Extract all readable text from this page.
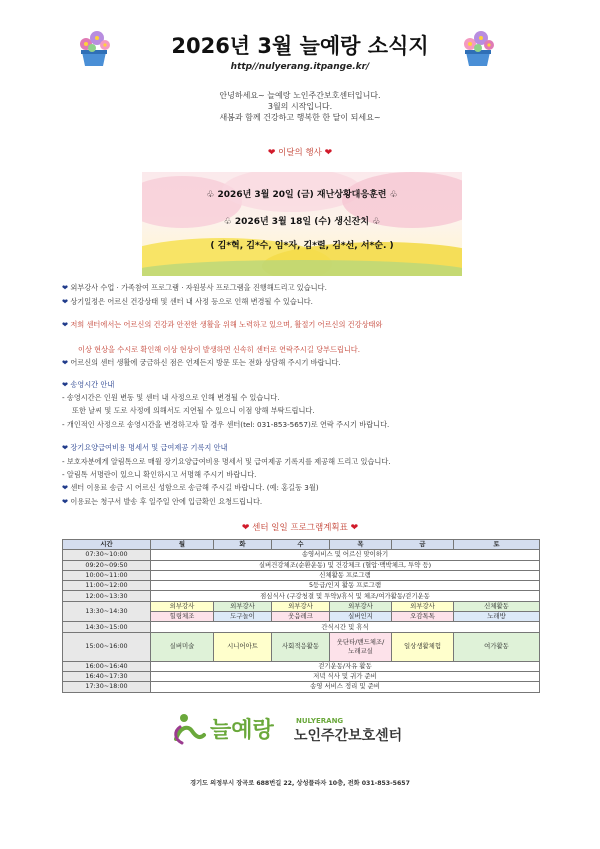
2026년 3월 늘예랑 소식지
http//nulyerang.itpange.kr/
안녕하세요~ 늘예랑 노인주간보호센터입니다.
3월의 시작입니다.
새봄과 함께 건강하고 행복한 한 달이 되세요~
❤ 이달의 행사 ❤
♧ 2026년 3월 20일 (금) 재난상황대응훈련 ♧
♧ 2026년 3월 18일 (수) 생신잔치 ♧
( 김*혁, 김*수, 임*자, 김*렬, 김*선, 서*순. )
❤ 외부강사 수업 · 가족참여 프로그램 · 자원봉사 프로그램을 진행해드리고 있습니다.
❤ 상기일정은 어르신 건강상태 및 센터 내 사정 등으로 인해 변경될 수 있습니다.
❤ 저희 센터에서는 어르신의 건강과 안전한 생활을 위해 노력하고 있으며, 활절기 어르신의 건강상태와
이상 현상을 수시로 확인해 이상 현상이 발생하면 신속히 센터로 연락주시길 당부드립니다.
❤ 어르신의 센터 생활에 궁금하신 점은 언제든지 방문 또는 전화 상담해 주시기 바랍니다.
❤ 송영시간 안내
- 송영시간은 인원 변동 및 센터 내 사정으로 인해 변경될 수 있습니다.
또한 날씨 및 도로 사정에 의해서도 지연될 수 있으니 이점 양해 부탁드립니다.
- 개인적인 사정으로 송영시간을 변경하고자 할 경우 센터(tel: 031-853-5657)로 연락 주시기 바랍니다.
❤ 장기요양급여비용 명세서 및 급여제공 기록지 안내
- 보호자분에게 알림톡으로 매월 장기요양급여비용 명세서 및 급여제공 기록지를 제공해 드리고 있습니다.
- 알림톡 서명란이 있으니 확인하시고 서명해 주시기 바랍니다.
❤ 센터 이용료 송금 시 어르신 성함으로 송금해 주시길 바랍니다. (예: 홍길동 3월)
❤ 이용료는 청구서 발송 후 일주일 안에 입금확인 요청드립니다.
❤ 센터 일일 프로그램계획표 ❤
시간	월	화	수	목	금	토
07:30~10:00	송영서비스 및 어르신 맞이하기					
09:20~09:50	실버건강체조(순환운동) 및 건강체크 (혈압·맥박체크, 투약 등)					
10:00~11:00	신체활동 프로그램					
11:00~12:00	5등급/인지 활동 프로그램					
12:00~13:30	점심식사 (구강청결 및 투약)/휴식 및 체조/여가활동/걷기운동					
13:30~14:30	외부강사	외부강사	외부강사	외부강사	외부강사	신체활동
	힐링체조	도구놀이	웃음레크	실버인지	오감톡톡	노래방
14:30~15:00	간식시간 및 휴식					
15:00~16:00	실버미술	시니어아트	사회적응활동	웃단타/밴드체조/
노래교실	일상생활체험	여가활동
16:00~16:40	걷기운동/자유 활동					
16:40~17:30	저녁 식사 및 귀가 준비					
17:30~18:00	송영 서비스 정리 및 준비					
늘예랑	NULYERANG
노인주간보호센터
경기도 의정부시 장곡로 688번길 22, 상성플라자 10층, 전화 031-853-5657
